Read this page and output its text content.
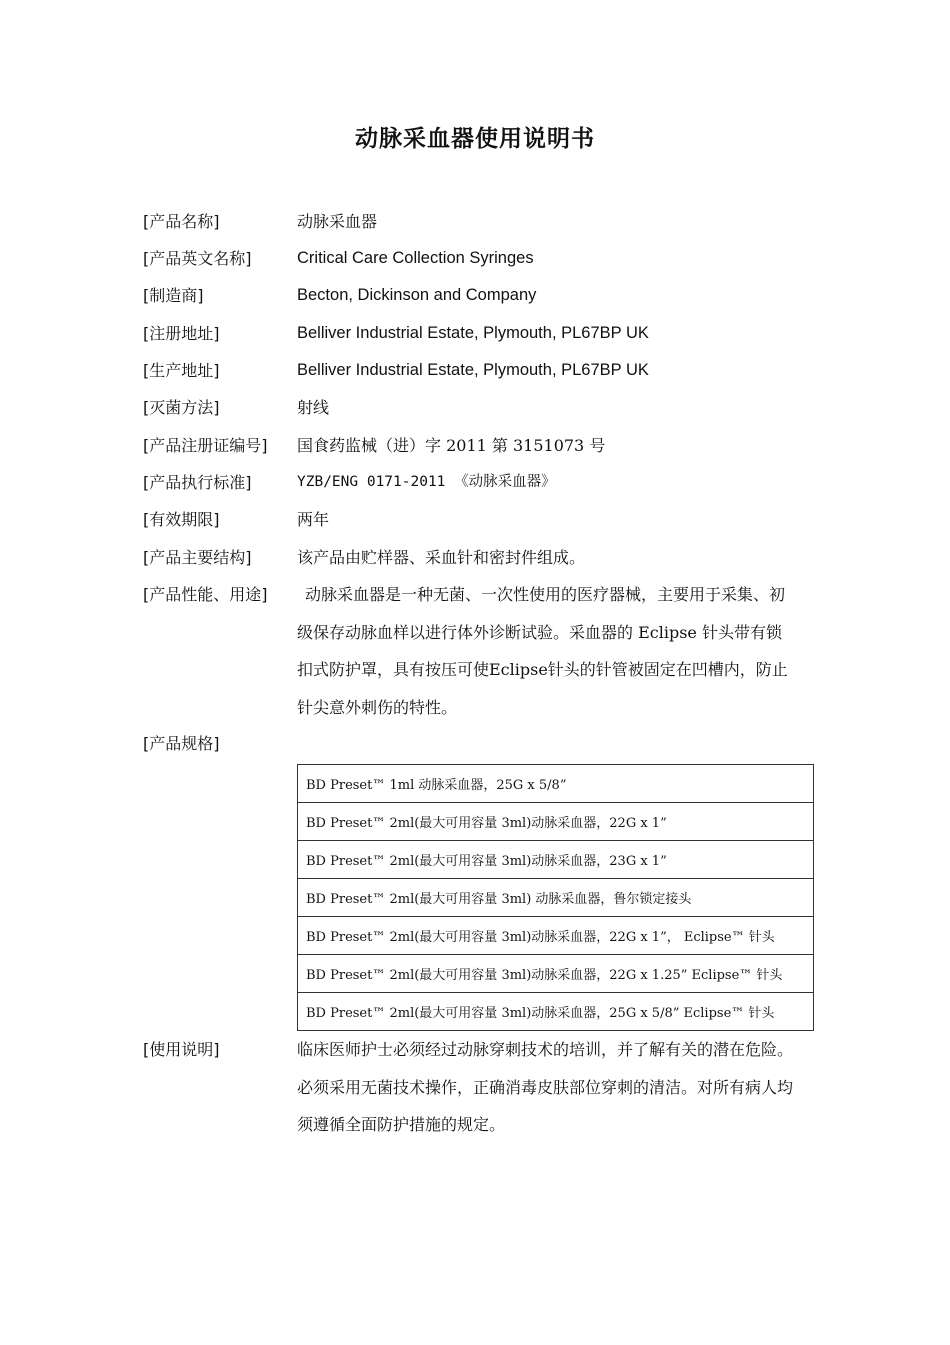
动脉采血器使用说明书
[产品名称]	动脉采血器
[产品英文名称]	Critical Care Collection Syringes
[制造商]	Becton, Dickinson and Company
[注册地址]	Belliver Industrial Estate, Plymouth, PL67BP UK
[生产地址]	Belliver Industrial Estate, Plymouth, PL67BP UK
[灭菌方法]	射线
[产品注册证编号] 国食药监械（进）字 2011 第 3151073 号
[产品执行标准]	YZB/ENG 0171-2011 《动脉采血器》
[有效期限]	两年
[产品主要结构]	该产品由贮样器、采血针和密封件组成。
[产品性能、用途]	动脉采血器是一种无菌、一次性使用的医疗器械，主要用于采集、初

级保存动脉血样以进行体外诊断试验。采血器的 Eclipse 针头带有锁

扣式防护罩，具有按压可使Eclipse针头的针管被固定在凹槽内，防止

针尖意外刺伤的特性。

[产品规格]
BD Preset™ 1ml 动脉采血器，25G x 5/8”
BD Preset™ 2ml(最大可用容量 3ml)动脉采血器，22G x 1”
BD Preset™ 2ml(最大可用容量 3ml)动脉采血器，23G x 1”
BD Preset™ 2ml(最大可用容量 3ml) 动脉采血器，鲁尔锁定接头
BD Preset™ 2ml(最大可用容量 3ml)动脉采血器，22G x 1”， Eclipse™ 针头
BD Preset™ 2ml(最大可用容量 3ml)动脉采血器，22G x 1.25” Eclipse™ 针头
BD Preset™ 2ml(最大可用容量 3ml)动脉采血器，25G x 5/8” Eclipse™ 针头
[使用说明]	临床医师护士必须经过动脉穿刺技术的培训，并了解有关的潜在危险。

必须采用无菌技术操作，正确消毒皮肤部位穿刺的清洁。对所有病人均

须遵循全面防护措施的规定。
